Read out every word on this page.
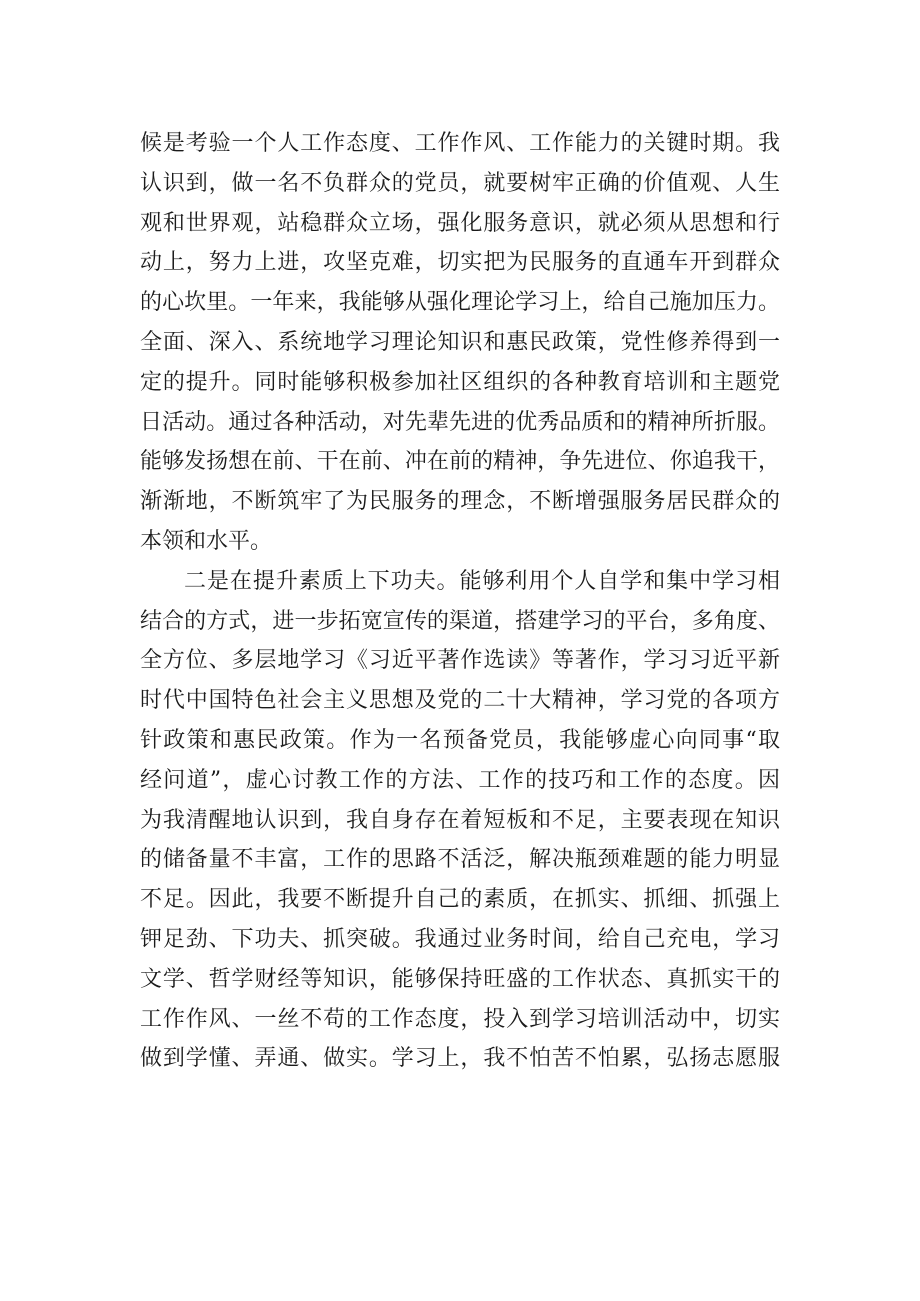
候是考验一个人工作态度、工作作风、工作能力的关键时期。我
认识到，做一名不负群众的党员，就要树牢正确的价值观、人生
观和世界观，站稳群众立场，强化服务意识，就必须从思想和行
动上，努力上进，攻坚克难，切实把为民服务的直通车开到群众
的心坎里。一年来，我能够从强化理论学习上，给自己施加压力。
全面、深入、系统地学习理论知识和惠民政策，党性修养得到一
定的提升。同时能够积极参加社区组织的各种教育培训和主题党
日活动。通过各种活动，对先辈先进的优秀品质和的精神所折服。
能够发扬想在前、干在前、冲在前的精神，争先进位、你追我干，
渐渐地，不断筑牢了为民服务的理念，不断增强服务居民群众的
本领和水平。
二是在提升素质上下功夫。能够利用个人自学和集中学习相
结合的方式，进一步拓宽宣传的渠道，搭建学习的平台，多角度、
全方位、多层地学习《习近平著作选读》等著作，学习习近平新
时代中国特色社会主义思想及党的二十大精神，学习党的各项方
针政策和惠民政策。作为一名预备党员，我能够虚心向同事“取
经问道”，虚心讨教工作的方法、工作的技巧和工作的态度。因
为我清醒地认识到，我自身存在着短板和不足，主要表现在知识
的储备量不丰富，工作的思路不活泛，解决瓶颈难题的能力明显
不足。因此，我要不断提升自己的素质，在抓实、抓细、抓强上
钾足劲、下功夫、抓突破。我通过业务时间，给自己充电，学习
文学、哲学财经等知识，能够保持旺盛的工作状态、真抓实干的
工作作风、一丝不苟的工作态度，投入到学习培训活动中，切实
做到学懂、弄通、做实。学习上，我不怕苦不怕累，弘扬志愿服
